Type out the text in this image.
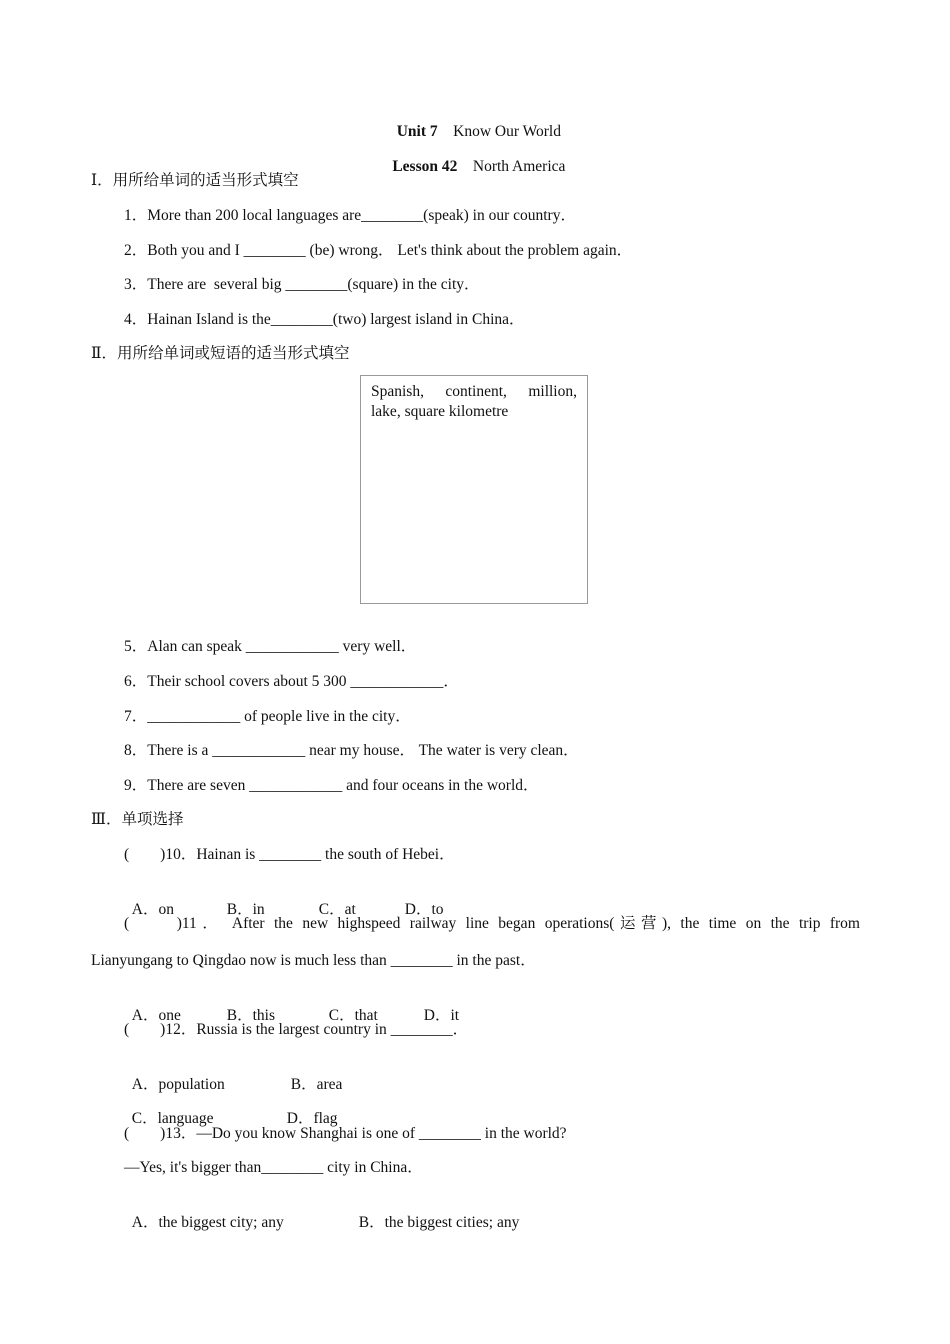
Unit 7　 Know Our World

Lesson 42　 North America

Ⅰ．用所给单词的适当形式填空
1．More than 200 local languages are________(speak) in our country．
2．Both you and I ________ (be) wrong． Let's think about the problem again．
3．There are  several big ________(square) in the city．
4．Hainan Island is the________(two) largest island in China．
Ⅱ．用所给单词或短语的适当形式填空
Spanish, continent, million,
lake, square kilometre
5．Alan can speak ____________ very well．
6．Their school covers about 5 300 ____________．
7．____________ of people live in the city．
8．There is a ____________ near my house． The water is very clean．
9．There are seven ____________ and four oceans in the world．
Ⅲ．单项选择
(　　)10．Hainan is ________ the south of Hebei．

A．on	B．in	C．at	D．to

(　　)11． After the new highspeed railway line began operations(运营), the time on the trip from
Lianyungang to Qingdao now is much less than ________ in the past．

A．one	B．this	C．that	D．it

(　　)12．Russia is the largest country in ________．

A．population	B．area

C．language	D．flag

(　　)13．—Do you know Shanghai is one of ________ in the world?
—Yes, it's bigger than________ city in China．

A．the biggest city; any	B．the biggest cities; any
